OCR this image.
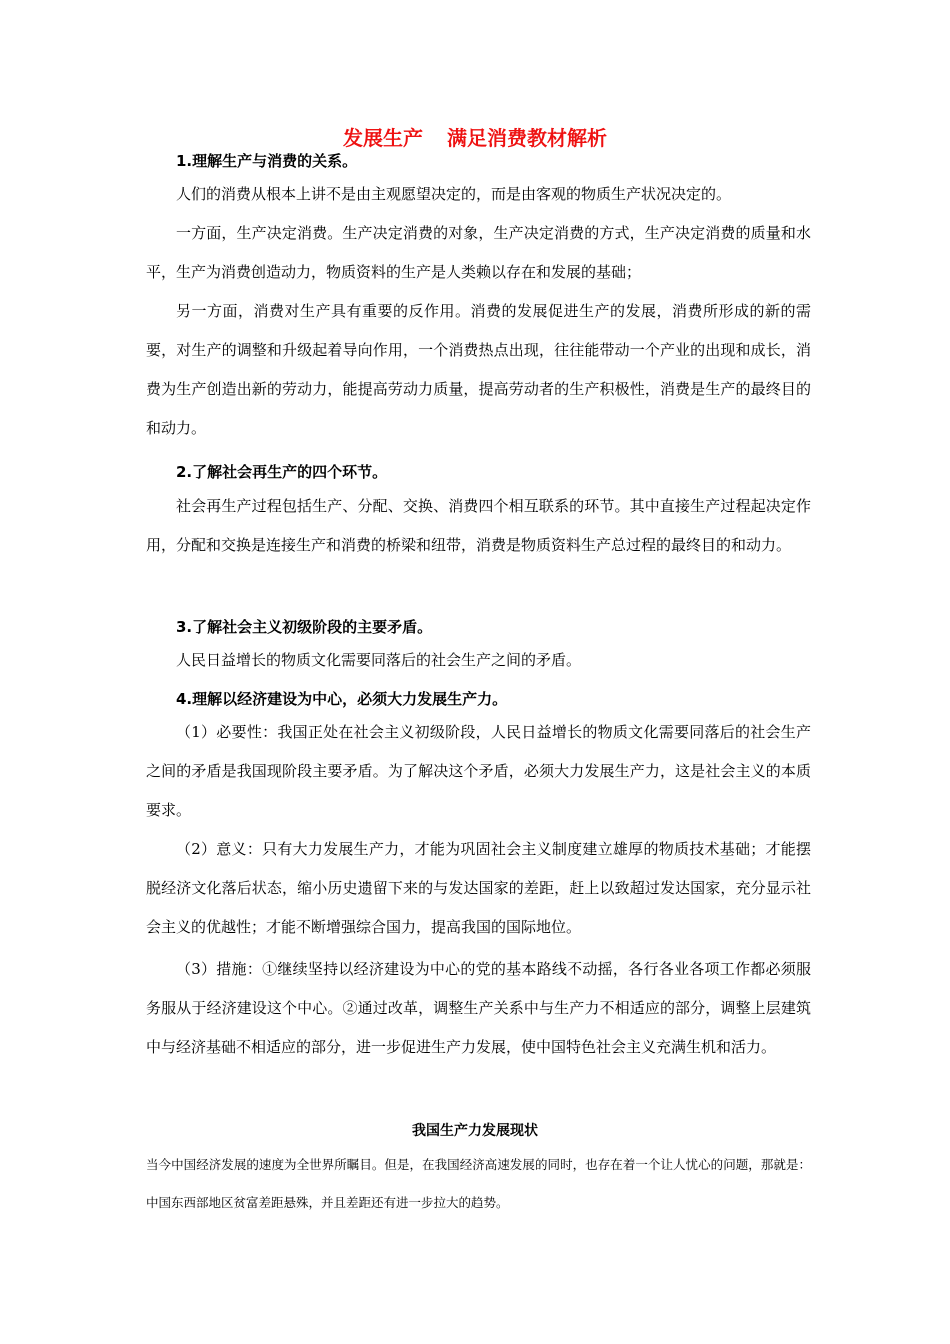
发展生产 满足消费教材解析
1.理解生产与消费的关系。

人们的消费从根本上讲不是由主观愿望决定的，而是由客观的物质生产状况决定的。

一方面，生产决定消费。生产决定消费的对象，生产决定消费的方式，生产决定消费的质量和水平，生产为消费创造动力，物质资料的生产是人类赖以存在和发展的基础；

另一方面，消费对生产具有重要的反作用。消费的发展促进生产的发展，消费所形成的新的需要，对生产的调整和升级起着导向作用，一个消费热点出现，往往能带动一个产业的出现和成长，消费为生产创造出新的劳动力，能提高劳动力质量，提高劳动者的生产积极性，消费是生产的最终目的和动力。

2.了解社会再生产的四个环节。

社会再生产过程包括生产、分配、交换、消费四个相互联系的环节。其中直接生产过程起决定作用，分配和交换是连接生产和消费的桥梁和纽带，消费是物质资料生产总过程的最终目的和动力。

3.了解社会主义初级阶段的主要矛盾。

人民日益增长的物质文化需要同落后的社会生产之间的矛盾。

4.理解以经济建设为中心，必须大力发展生产力。

（1）必要性：我国正处在社会主义初级阶段，人民日益增长的物质文化需要同落后的社会生产之间的矛盾是我国现阶段主要矛盾。为了解决这个矛盾，必须大力发展生产力，这是社会主义的本质要求。

（2）意义：只有大力发展生产力，才能为巩固社会主义制度建立雄厚的物质技术基础；才能摆脱经济文化落后状态，缩小历史遗留下来的与发达国家的差距，赶上以致超过发达国家，充分显示社会主义的优越性；才能不断增强综合国力，提高我国的国际地位。

（3）措施：①继续坚持以经济建设为中心的党的基本路线不动摇，各行各业各项工作都必须服务服从于经济建设这个中心。②通过改革，调整生产关系中与生产力不相适应的部分，调整上层建筑中与经济基础不相适应的部分，进一步促进生产力发展，使中国特色社会主义充满生机和活力。

我国生产力发展现状

当今中国经济发展的速度为全世界所瞩目。但是，在我国经济高速发展的同时，也存在着一个让人忧心的问题，那就是：中国东西部地区贫富差距悬殊，并且差距还有进一步拉大的趋势。
